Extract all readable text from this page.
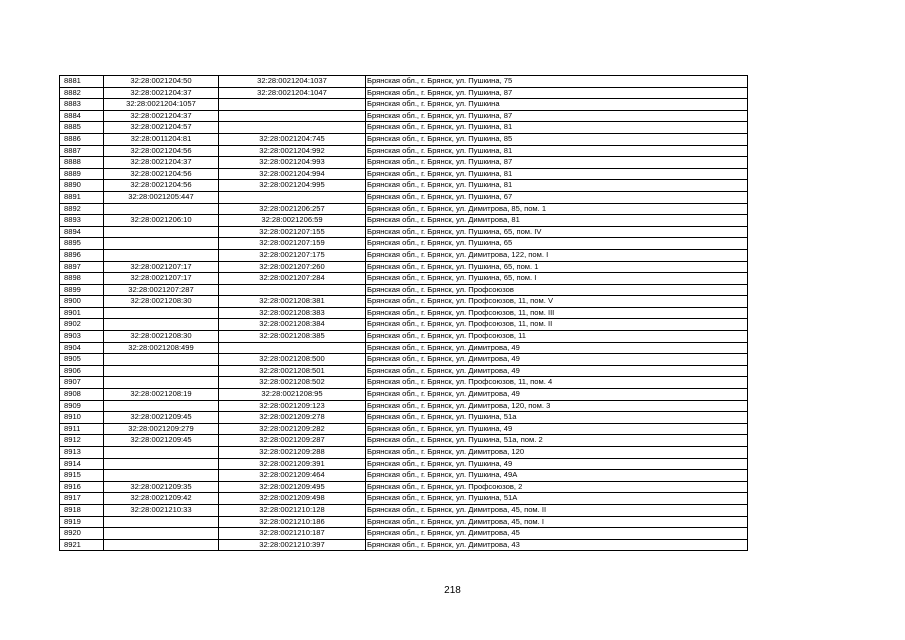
8881	32:28:0021204:50	32:28:0021204:1037	Брянская обл., г. Брянск, ул. Пушкина, 75
8882	32:28:0021204:37	32:28:0021204:1047	Брянская обл., г. Брянск, ул. Пушкина, 87
8883	32:28:0021204:1057		Брянская обл., г. Брянск, ул. Пушкина
8884	32:28:0021204:37		Брянская обл., г. Брянск, ул. Пушкина, 87
8885	32:28:0021204:57		Брянская обл., г. Брянск, ул. Пушкина, 81
8886	32:28:0011204:81	32:28:0021204:745	Брянская обл., г. Брянск, ул. Пушкина, 85
8887	32:28:0021204:56	32:28:0021204:992	Брянская обл., г. Брянск, ул. Пушкина, 81
8888	32:28:0021204:37	32:28:0021204:993	Брянская обл., г. Брянск, ул. Пушкина, 87
8889	32:28:0021204:56	32:28:0021204:994	Брянская обл., г. Брянск, ул. Пушкина, 81
8890	32:28:0021204:56	32:28:0021204:995	Брянская обл., г. Брянск, ул. Пушкина, 81
8891	32:28:0021205:447		Брянская обл., г. Брянск, ул. Пушкина, 67
8892		32:28:0021206:257	Брянская обл., г. Брянск, ул. Димитрова, 85, пом. 1
8893	32:28:0021206:10	32:28:0021206:59	Брянская обл., г. Брянск, ул. Димитрова, 81
8894		32:28:0021207:155	Брянская обл., г. Брянск, ул. Пушкина, 65, пом. IV
8895		32:28:0021207:159	Брянская обл., г. Брянск, ул. Пушкина, 65
8896		32:28:0021207:175	Брянская обл., г. Брянск, ул. Димитрова, 122, пом. I
8897	32:28:0021207:17	32:28:0021207:260	Брянская обл., г. Брянск, ул. Пушкина, 65, пом. 1
8898	32:28:0021207:17	32:28:0021207:284	Брянская обл., г. Брянск, ул. Пушкина, 65, пом. I
8899	32:28:0021207:287		Брянская обл., г. Брянск, ул. Профсоюзов
8900	32:28:0021208:30	32:28:0021208:381	Брянская обл., г. Брянск, ул. Профсоюзов, 11, пом. V
8901		32:28:0021208:383	Брянская обл., г. Брянск, ул. Профсоюзов, 11, пом. III
8902		32:28:0021208:384	Брянская обл., г. Брянск, ул. Профсоюзов, 11, пом. II
8903	32:28:0021208:30	32:28:0021208:385	Брянская обл., г. Брянск, ул. Профсоюзов, 11
8904	32:28:0021208:499		Брянская обл., г. Брянск, ул. Димитрова, 49
8905		32:28:0021208:500	Брянская обл., г. Брянск, ул. Димитрова, 49
8906		32:28:0021208:501	Брянская обл., г. Брянск, ул. Димитрова, 49
8907		32:28:0021208:502	Брянская обл., г. Брянск, ул. Профсоюзов, 11, пом. 4
8908	32:28:0021208:19	32:28:0021208:95	Брянская обл., г. Брянск, ул. Димитрова, 49
8909		32:28:0021209:123	Брянская обл., г. Брянск, ул. Димитрова, 120, пом. 3
8910	32:28:0021209:45	32:28:0021209:278	Брянская обл., г. Брянск, ул. Пушкина, 51а
8911	32:28:0021209:279	32:28:0021209:282	Брянская обл., г. Брянск, ул. Пушкина, 49
8912	32:28:0021209:45	32:28:0021209:287	Брянская обл., г. Брянск, ул. Пушкина, 51а, пом. 2
8913		32:28:0021209:288	Брянская обл., г. Брянск, ул. Димитрова, 120
8914		32:28:0021209:391	Брянская обл., г. Брянск, ул. Пушкина, 49
8915		32:28:0021209:464	Брянская обл., г. Брянск, ул. Пушкина, 49А
8916	32:28:0021209:35	32:28:0021209:495	Брянская обл., г. Брянск, ул. Профсоюзов, 2
8917	32:28:0021209:42	32:28:0021209:498	Брянская обл., г. Брянск, ул. Пушкина, 51А
8918	32:28:0021210:33	32:28:0021210:128	Брянская обл., г. Брянск, ул. Димитрова, 45, пом. II
8919		32:28:0021210:186	Брянская обл., г. Брянск, ул. Димитрова, 45, пом. I
8920		32:28:0021210:187	Брянская обл., г. Брянск, ул. Димитрова, 45
8921		32:28:0021210:397	Брянская обл., г. Брянск, ул. Димитрова, 43
218
